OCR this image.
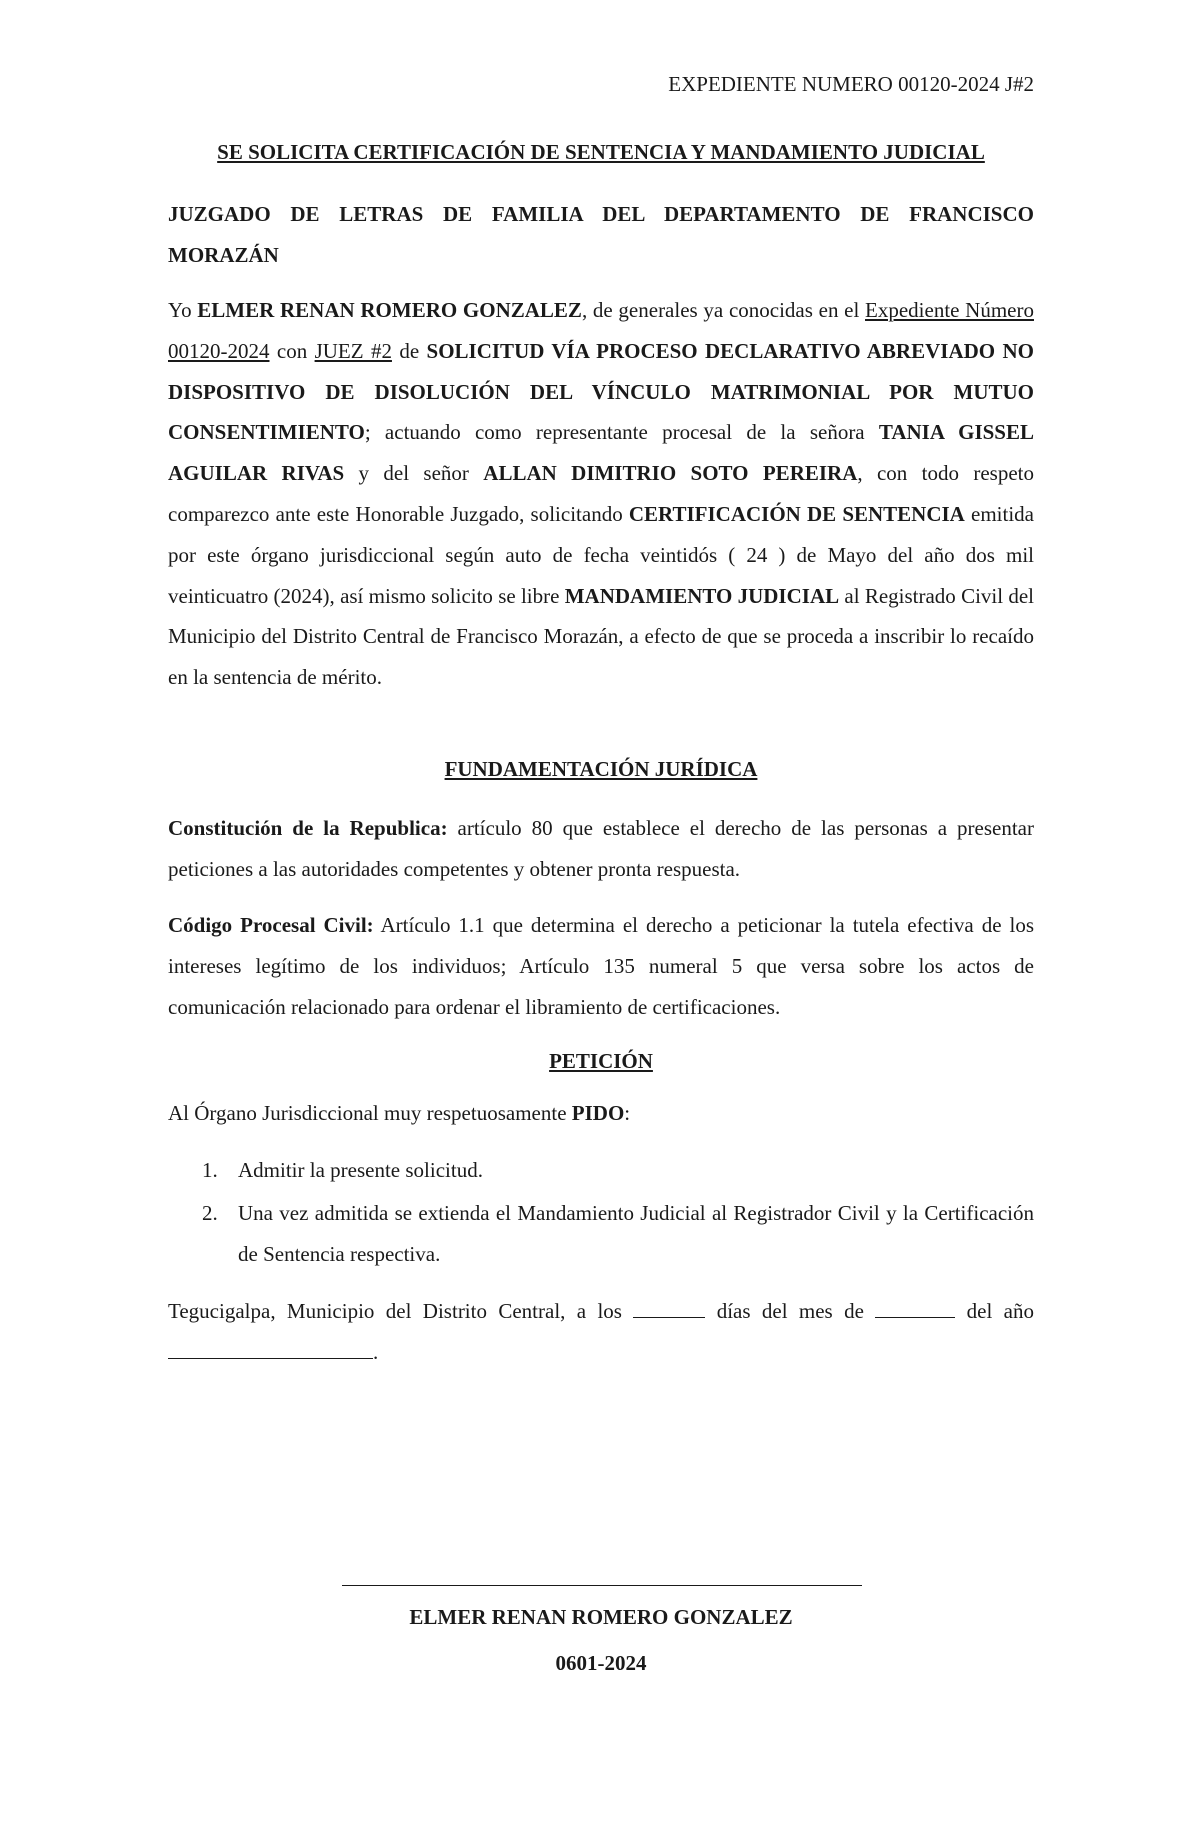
EXPEDIENTE NUMERO 00120-2024 J#2
SE SOLICITA CERTIFICACIÓN DE SENTENCIA Y MANDAMIENTO JUDICIAL
JUZGADO DE LETRAS DE FAMILIA DEL DEPARTAMENTO DE FRANCISCO MORAZÁN
Yo ELMER RENAN ROMERO GONZALEZ, de generales ya conocidas en el Expediente Número 00120-2024 con JUEZ #2 de SOLICITUD VÍA PROCESO DECLARATIVO ABREVIADO NO DISPOSITIVO DE DISOLUCIÓN DEL VÍNCULO MATRIMONIAL POR MUTUO CONSENTIMIENTO; actuando como representante procesal de la señora TANIA GISSEL AGUILAR RIVAS y del señor ALLAN DIMITRIO SOTO PEREIRA, con todo respeto comparezco ante este Honorable Juzgado, solicitando CERTIFICACIÓN DE SENTENCIA emitida por este órgano jurisdiccional según auto de fecha veintidós ( 24 ) de Mayo del año dos mil veinticuatro (2024), así mismo solicito se libre MANDAMIENTO JUDICIAL al Registrado Civil del Municipio del Distrito Central de Francisco Morazán, a efecto de que se proceda a inscribir lo recaído en la sentencia de mérito.
FUNDAMENTACIÓN JURÍDICA
Constitución de la Republica: artículo 80 que establece el derecho de las personas a presentar peticiones a las autoridades competentes y obtener pronta respuesta.
Código Procesal Civil: Artículo 1.1 que determina el derecho a peticionar la tutela efectiva de los intereses legítimo de los individuos; Artículo 135 numeral 5 que versa sobre los actos de comunicación relacionado para ordenar el libramiento de certificaciones.
PETICIÓN
Al Órgano Jurisdiccional muy respetuosamente PIDO:
1. Admitir la presente solicitud.
2. Una vez admitida se extienda el Mandamiento Judicial al Registrador Civil y la Certificación de Sentencia respectiva.
Tegucigalpa, Municipio del Distrito Central, a los	días del mes de	del año .
ELMER RENAN ROMERO GONZALEZ
0601-2024
